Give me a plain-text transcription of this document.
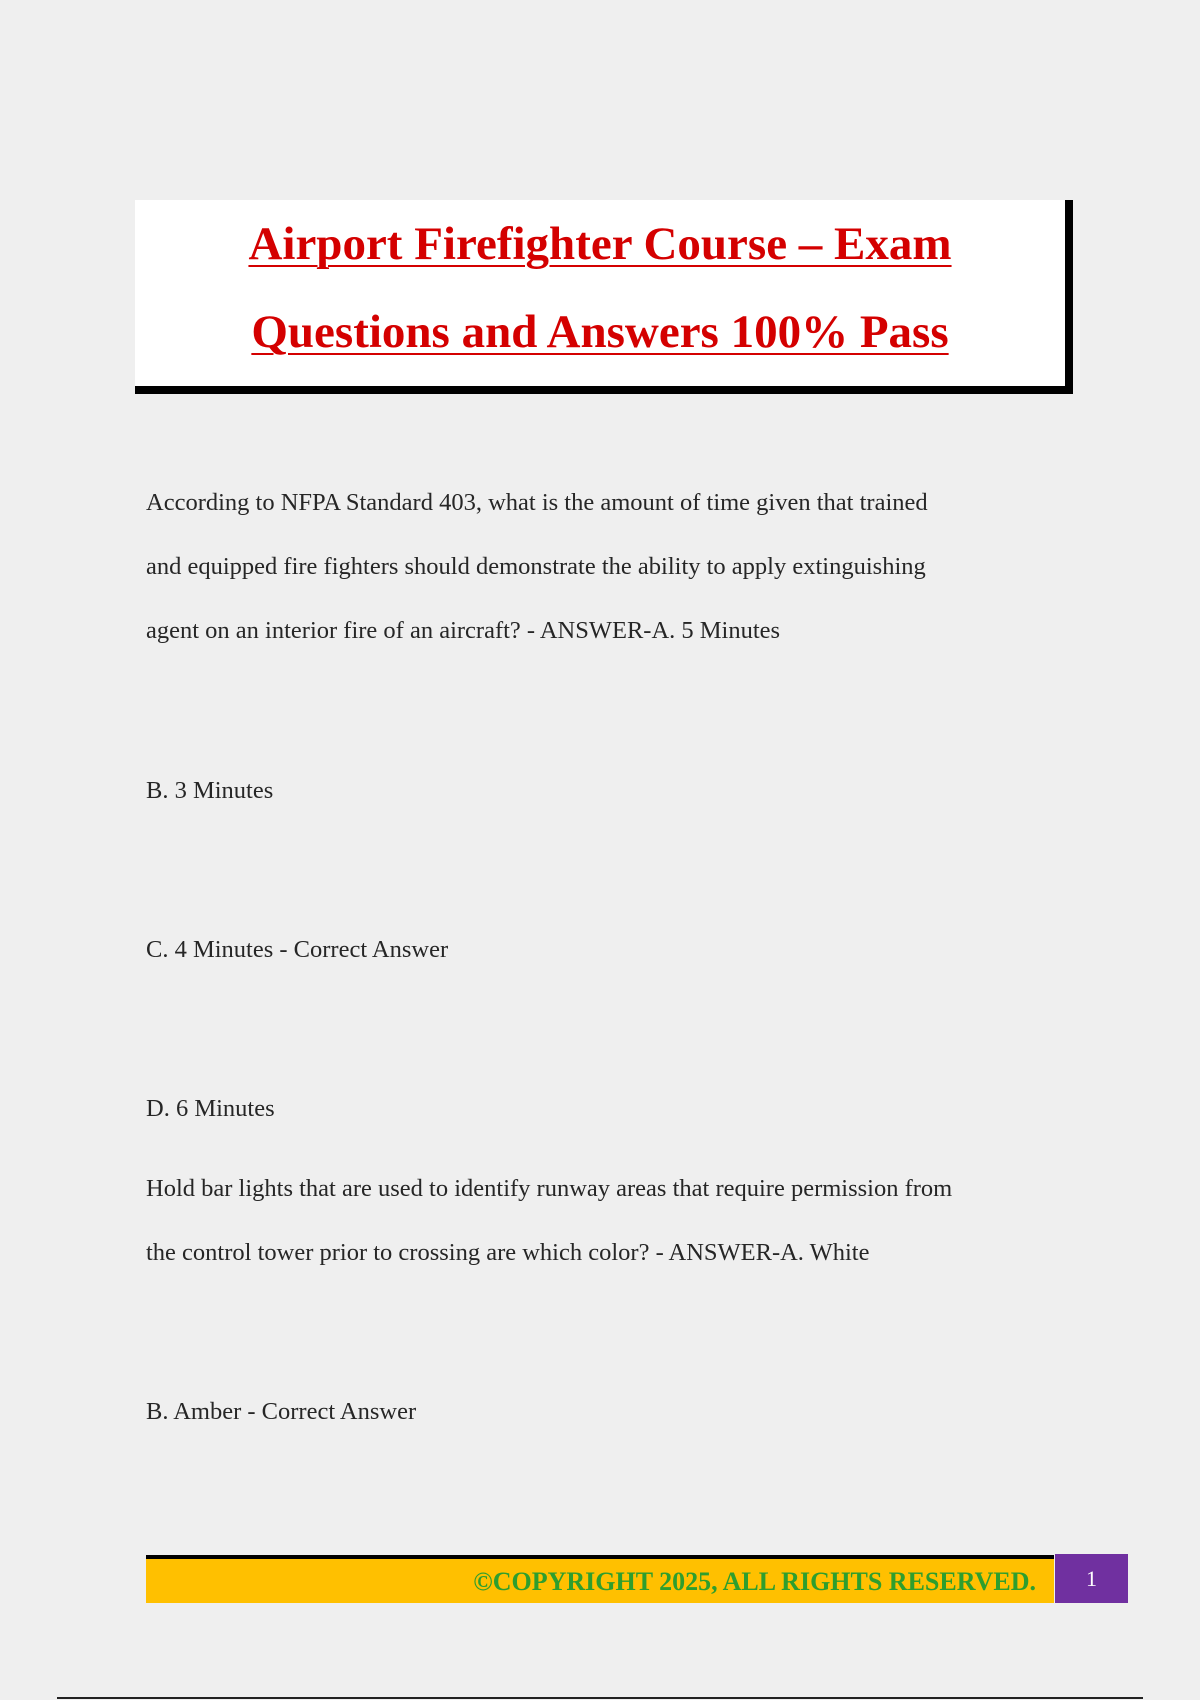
Airport Firefighter Course – Exam
Questions and Answers 100% Pass
According to NFPA Standard 403, what is the amount of time given that trained
and equipped fire fighters should demonstrate the ability to apply extinguishing
agent on an interior fire of an aircraft? - ANSWER-A. 5 Minutes
B. 3 Minutes
C. 4 Minutes - Correct Answer
D. 6 Minutes
Hold bar lights that are used to identify runway areas that require permission from
the control tower prior to crossing are which color? - ANSWER-A. White
B. Amber - Correct Answer
©COPYRIGHT 2025, ALL RIGHTS RESERVED.	1
